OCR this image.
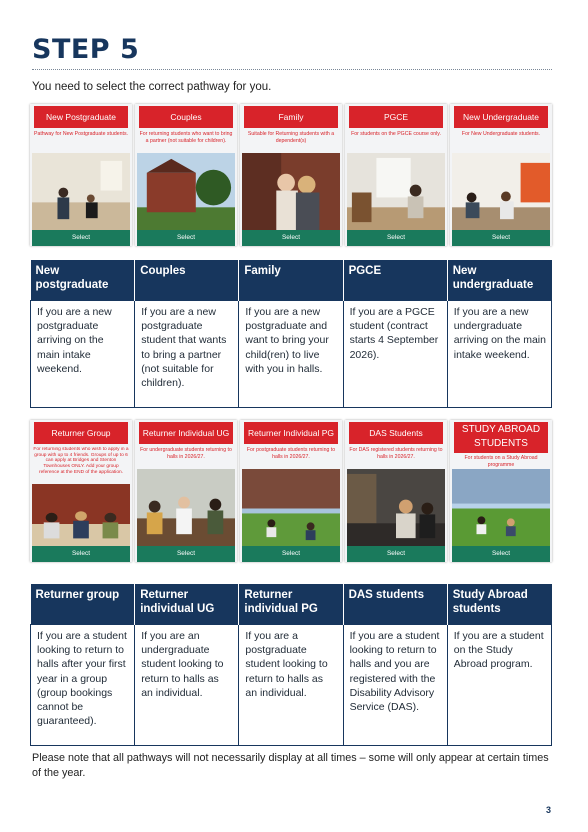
STEP 5
You need to select the correct pathway for you.
New Postgraduate
Pathway for New Postgraduate students.
Select
Couples
For returning students who want to bring a partner (not suitable for children).
Select
Family
Suitable for Returning students with a dependent(s)
Select
PGCE
For students on the PGCE course only.
Select
New Undergraduate
For New Undergraduate students.
Select
New postgraduate	Couples	Family	PGCE	New undergraduate
If you are a new postgraduate arriving on the main intake weekend.	If you are a new postgraduate student that wants to bring a partner (not suitable for children).	If you are a new postgraduate and want to bring your child(ren) to live with you in halls.	If you are a PGCE student (contract starts 4 September 2026).	If you are a new undergraduate arriving on the main intake weekend.
Returner Group
For returning students who wish to apply in a group with up to 4 friends. Groups of up to 6 can apply at Bridges and Stenton Townhouses ONLY. Add your group reference at the END of the application.
Select
Returner Individual UG
For undergraduate students returning to halls in 2026/27.
Select
Returner Individual PG
For postgraduate students returning to halls in 2026/27.
Select
DAS Students
For DAS registered students returning to halls in 2026/27.
Select
STUDY ABROAD STUDENTS
For students on a Study Abroad programme
Select
Returner group	Returner individual UG	Returner individual PG	DAS students	Study Abroad students
If you are a student looking to return to halls after your first year in a group (group bookings cannot be guaranteed).	If you are an undergraduate student looking to return to halls as an individual.	If you are a postgraduate student looking to return to halls as an individual.	If you are a student looking to return to halls and you are registered with the Disability Advisory Service (DAS).	If you are a student on the Study Abroad program.
Please note that all pathways will not necessarily display at all times – some will only appear at certain times of the year.
3
